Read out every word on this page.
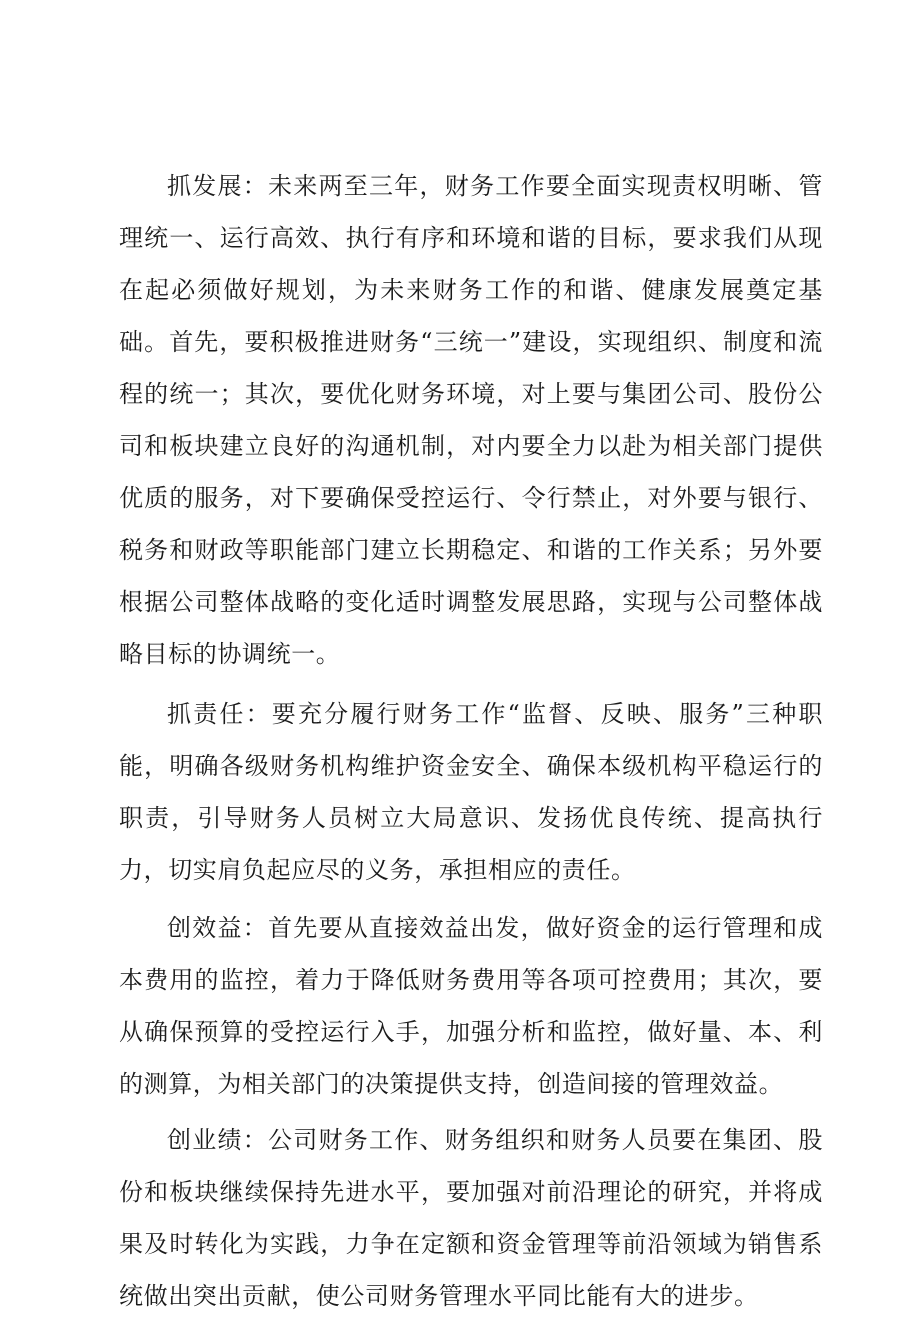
抓发展：未来两至三年，财务工作要全面实现责权明晰、管理统一、运行高效、执行有序和环境和谐的目标，要求我们从现在起必须做好规划，为未来财务工作的和谐、健康发展奠定基础。首先，要积极推进财务“三统一”建设，实现组织、制度和流程的统一；其次，要优化财务环境，对上要与集团公司、股份公司和板块建立良好的沟通机制，对内要全力以赴为相关部门提供优质的服务，对下要确保受控运行、令行禁止，对外要与银行、税务和财政等职能部门建立长期稳定、和谐的工作关系；另外要根据公司整体战略的变化适时调整发展思路，实现与公司整体战略目标的协调统一。

抓责任：要充分履行财务工作“监督、反映、服务”三种职能，明确各级财务机构维护资金安全、确保本级机构平稳运行的职责，引导财务人员树立大局意识、发扬优良传统、提高执行力，切实肩负起应尽的义务，承担相应的责任。

创效益：首先要从直接效益出发，做好资金的运行管理和成本费用的监控，着力于降低财务费用等各项可控费用；其次，要从确保预算的受控运行入手，加强分析和监控，做好量、本、利的测算，为相关部门的决策提供支持，创造间接的管理效益。

创业绩：公司财务工作、财务组织和财务人员要在集团、股份和板块继续保持先进水平，要加强对前沿理论的研究，并将成果及时转化为实践，力争在定额和资金管理等前沿领域为销售系统做出突出贡献，使公司财务管理水平同比能有大的进步。
